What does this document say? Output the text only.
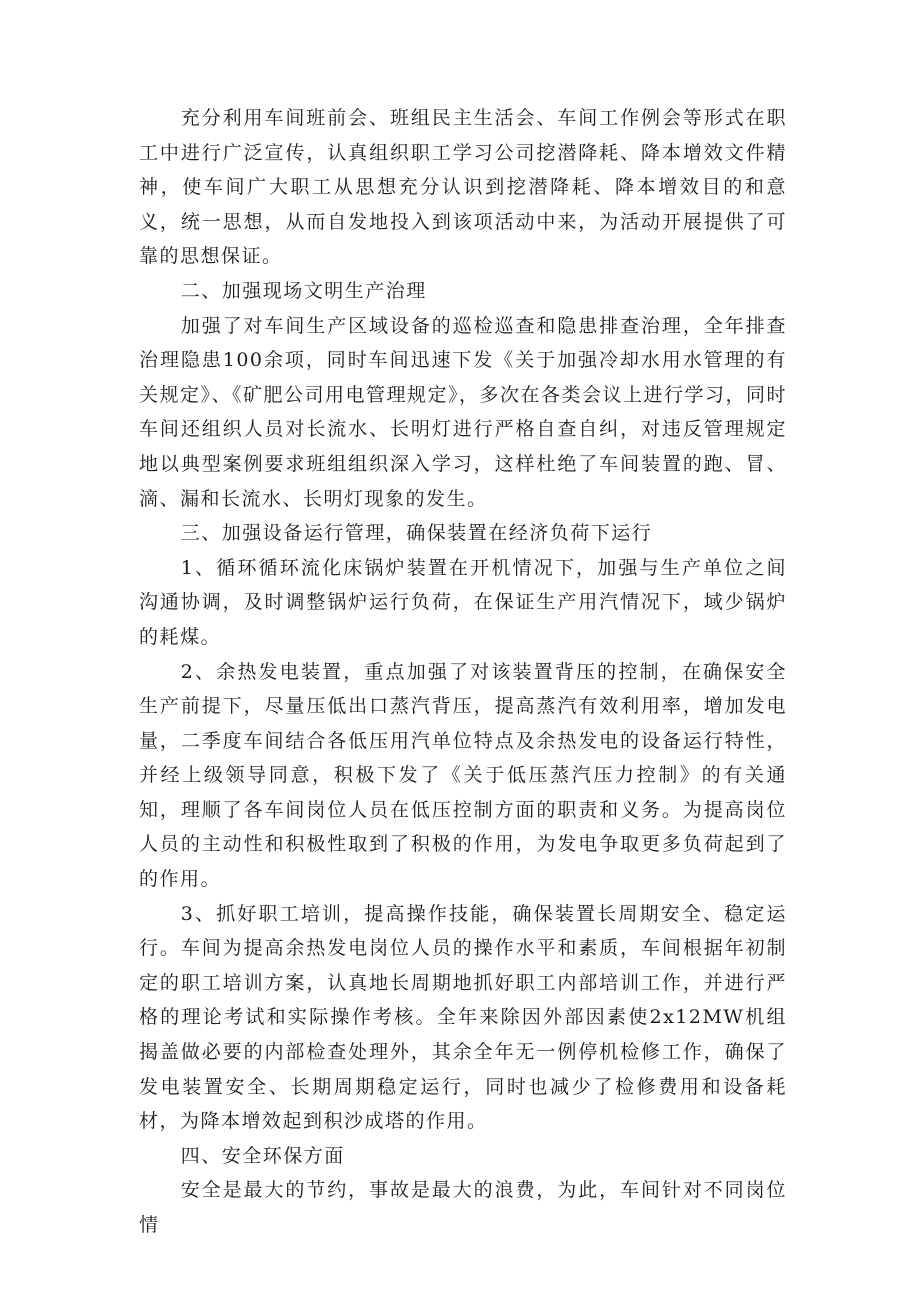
充分利用车间班前会、班组民主生活会、车间工作例会等形式在职工中进行广泛宣传，认真组织职工学习公司挖潜降耗、降本增效文件精神，使车间广大职工从思想充分认识到挖潜降耗、降本增效目的和意义，统一思想，从而自发地投入到该项活动中来，为活动开展提供了可靠的思想保证。

二、加强现场文明生产治理

加强了对车间生产区域设备的巡检巡查和隐患排查治理，全年排查治理隐患100余项，同时车间迅速下发《关于加强冷却水用水管理的有关规定》、《矿肥公司用电管理规定》，多次在各类会议上进行学习，同时车间还组织人员对长流水、长明灯进行严格自查自纠，对违反管理规定地以典型案例要求班组组织深入学习，这样杜绝了车间装置的跑、冒、滴、漏和长流水、长明灯现象的发生。

三、加强设备运行管理，确保装置在经济负荷下运行

1、循环循环流化床锅炉装置在开机情况下，加强与生产单位之间沟通协调，及时调整锅炉运行负荷，在保证生产用汽情况下，域少锅炉的耗煤。

2、余热发电装置，重点加强了对该装置背压的控制，在确保安全生产前提下，尽量压低出口蒸汽背压，提高蒸汽有效利用率，增加发电量，二季度车间结合各低压用汽单位特点及余热发电的设备运行特性，并经上级领导同意，积极下发了《关于低压蒸汽压力控制》的有关通知，理顺了各车间岗位人员在低压控制方面的职责和义务。为提高岗位人员的主动性和积极性取到了积极的作用，为发电争取更多负荷起到了的作用。

3、抓好职工培训，提高操作技能，确保装置长周期安全、稳定运行。车间为提高余热发电岗位人员的操作水平和素质，车间根据年初制定的职工培训方案，认真地长周期地抓好职工内部培训工作，并进行严格的理论考试和实际操作考核。全年来除因外部因素使2x12MW机组揭盖做必要的内部检查处理外，其余全年无一例停机检修工作，确保了发电装置安全、长期周期稳定运行，同时也减少了检修费用和设备耗材，为降本增效起到积沙成塔的作用。

四、安全环保方面

安全是最大的节约，事故是最大的浪费，为此，车间针对不同岗位情
